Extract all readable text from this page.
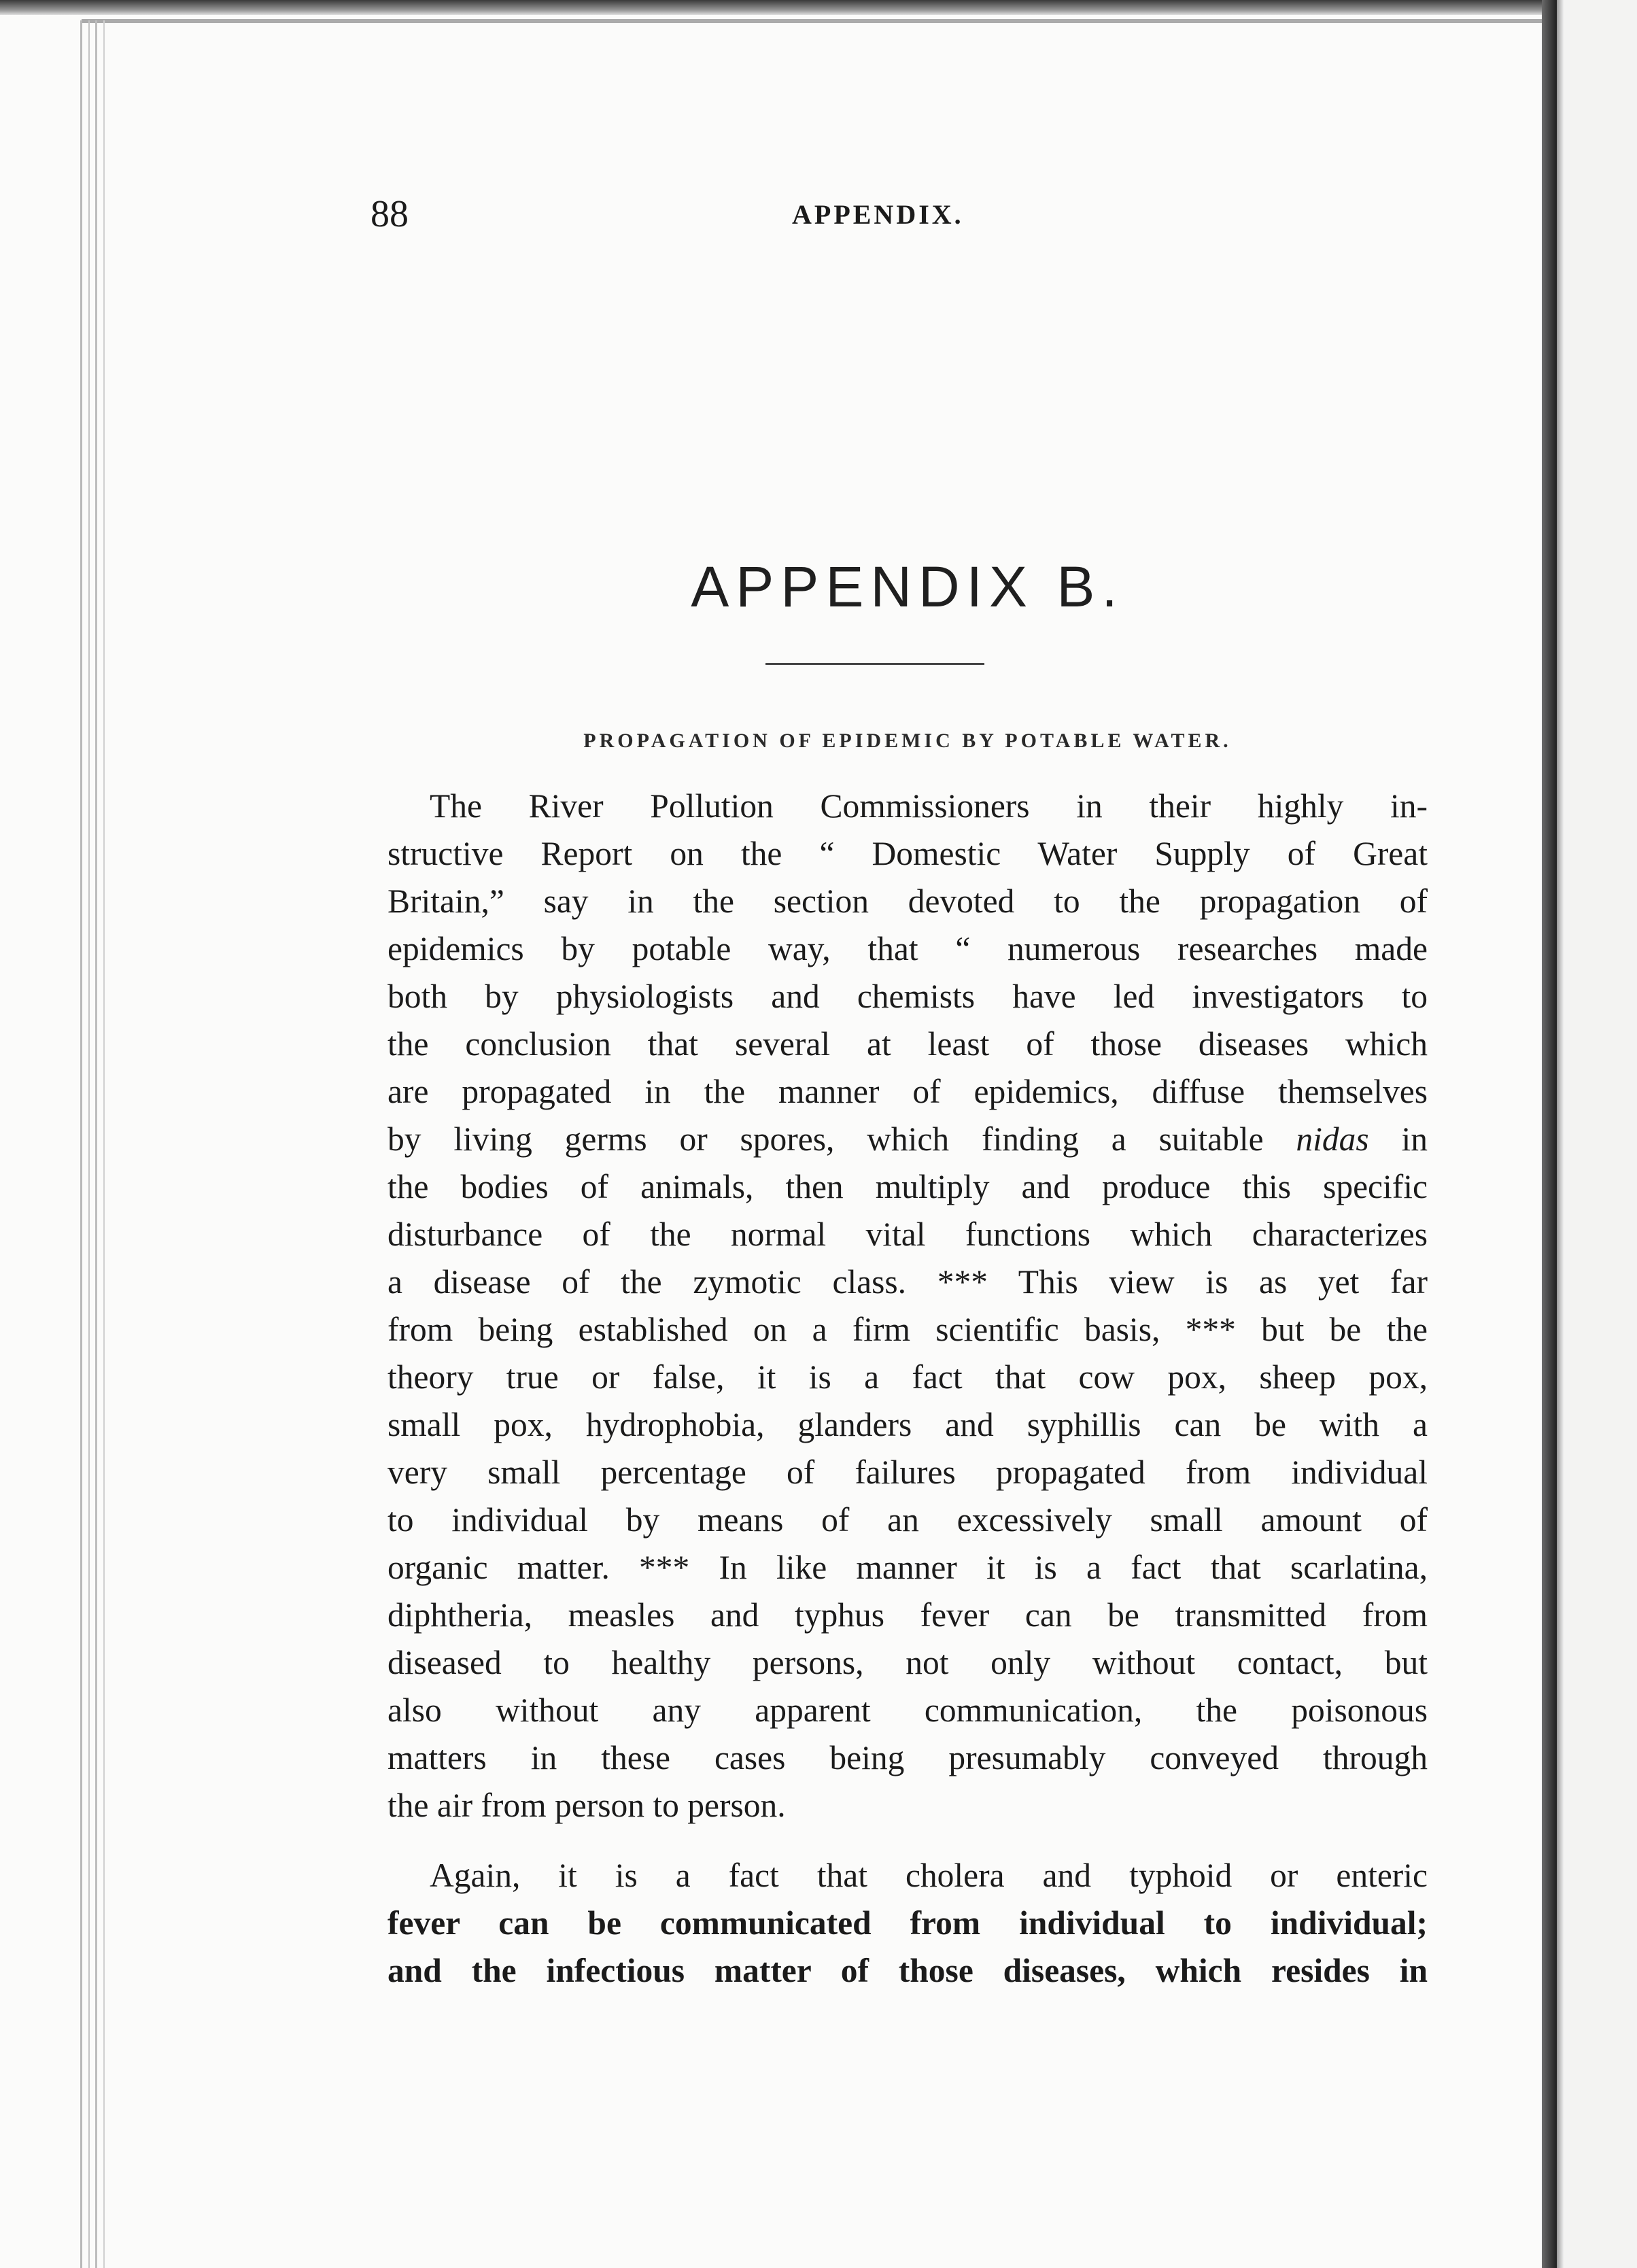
88	APPENDIX.
APPENDIX B.
PROPAGATION OF EPIDEMIC BY POTABLE WATER.
The River Pollution Commissioners in their highly in-
structive Report on the “ Domestic Water Supply of Great
Britain,” say in the section devoted to the propagation of
epidemics by potable way, that “ numerous researches made
both by physiologists and chemists have led investigators to
the conclusion that several at least of those diseases which
are propagated in the manner of epidemics, diffuse themselves
by living germs or spores, which finding a suitable nidas in
the bodies of animals, then multiply and produce this specific
disturbance of the normal vital functions which characterizes
a disease of the zymotic class. *** This view is as yet far
from being established on a firm scientific basis, *** but be the
theory true or false, it is a fact that cow pox, sheep pox,
small pox, hydrophobia, glanders and syphillis can be with a
very small percentage of failures propagated from individual
to individual by means of an excessively small amount of
organic matter. *** In like manner it is a fact that scarlatina,
diphtheria, measles and typhus fever can be transmitted from
diseased to healthy persons, not only without contact, but
also without any apparent communication, the poisonous
matters in these cases being presumably conveyed through
the air from person to person.
Again, it is a fact that cholera and typhoid or enteric
fever can be communicated from individual to individual;
and the infectious matter of those diseases, which resides in
